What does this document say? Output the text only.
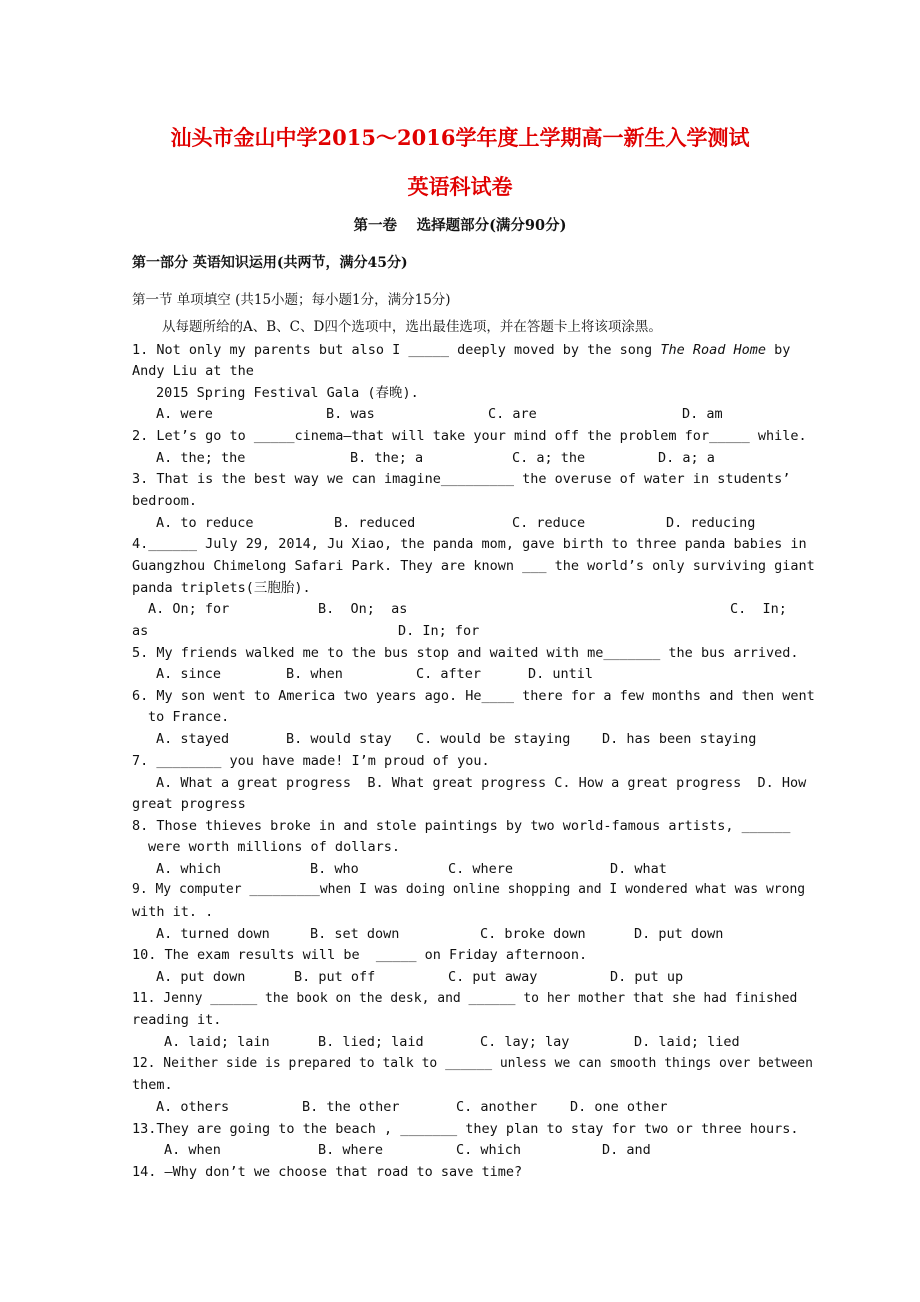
汕头市金山中学2015～2016学年度上学期高一新生入学测试
英语科试卷
第一卷　 选择题部分(满分90分)
第一部分 英语知识运用(共两节，满分45分)
第一节 单项填空 (共15小题；每小题1分，满分15分)
从每题所给的A、B、C、D四个选项中，选出最佳选项，并在答题卡上将该项涂黑。
1. Not only my parents but also I _____ deeply moved by the song The Road Home by
Andy Liu at the
2015 Spring Festival Gala (春晚).
A. were	B. was	C. are	D. am
2. Let’s go to _____cinema—that will take your mind off the problem for_____ while.
A. the; the	B. the; a	C. a; the	D. a; a
3. That is the best way we can imagine_________ the overuse of water in students’
bedroom.
A. to reduce	B. reduced	C. reduce	D. reducing
4.______ July 29, 2014, Ju Xiao, the panda mom, gave birth to three panda babies in
Guangzhou Chimelong Safari Park. They are known ___ the world’s only surviving giant
panda triplets(三胞胎).
A. On; for	B.  On;  as	C.  In;
as	D. In; for
5. My friends walked me to the bus stop and waited with me_______ the bus arrived.
A. since	B. when	C. after	D. until
6. My son went to America two years ago. He____ there for a few months and then went
to France.
A. stayed	B. would stay C. would be staying D. has been staying
7. ________ you have made! I’m proud of you.
A. What a great progress  B. What great progress C. How a great progress  D. How
great progress
8. Those thieves broke in and stole paintings by two world-famous artists, ______
were worth millions of dollars.
A. which	B. who	C. where	D. what
9. My computer _________when I was doing online shopping and I wondered what was wrong
with it. .
A. turned down	B. set down	C. broke down	D. put down
10. The exam results will be  _____ on Friday afternoon.
A. put down	B. put off	C. put away	D. put up
11. Jenny ______ the book on the desk, and ______ to her mother that she had finished
reading it.
A. laid; lain	B. lied; laid	C. lay; lay	D. laid; lied
12. Neither side is prepared to talk to ______ unless we can smooth things over between
them.
A. others	B. the other	C. another D. one other
13.They are going to the beach , _______ they plan to stay for two or three hours.
A. when	B. where	C. which	D. and
14. —Why don’t we choose that road to save time?
